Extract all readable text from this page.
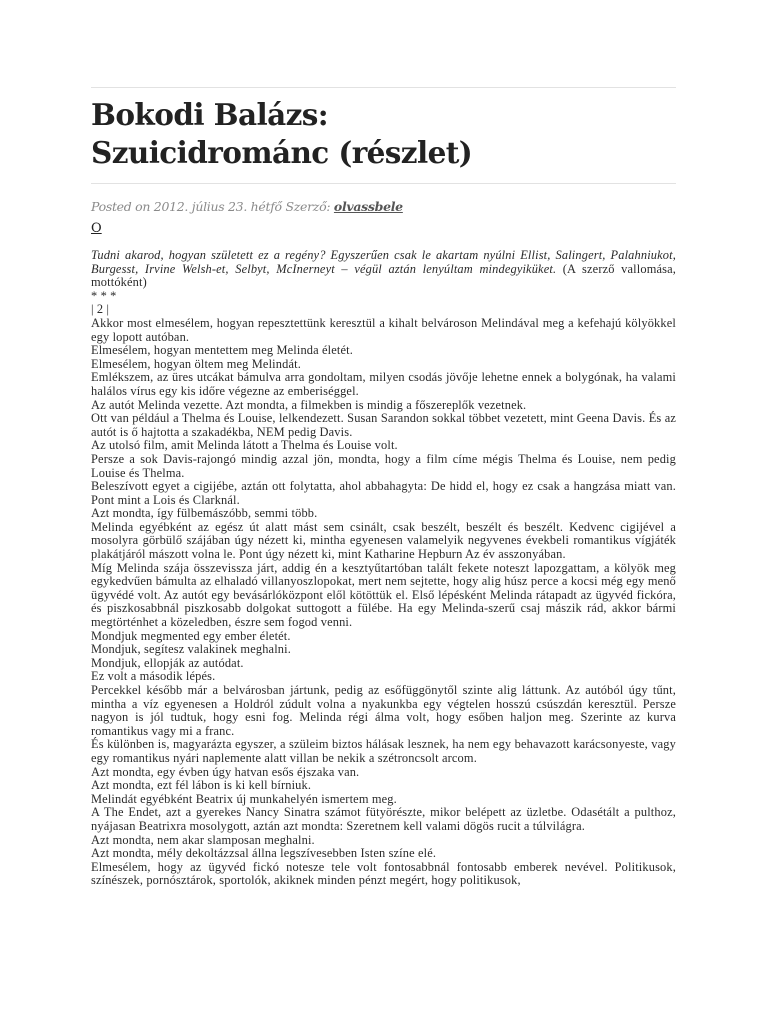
Bokodi Balázs:
Szuicidrománc (részlet)

Posted on 2012. július 23. hétfő Szerző: olvassbele

O

Tudni akarod, hogyan született ez a regény? Egyszerűen csak le akartam nyúlni Ellist, Salingert, Palahniukot, Burgesst, Irvine Welsh-et, Selbyt, McInerneyt – végül aztán lenyúltam mindegyiküket. (A szerző vallomása, mottóként)

* * *

| 2 |

Akkor most elmesélem, hogyan repesztettünk keresztül a kihalt belvároson Melindával meg a kefehajú kölyökkel egy lopott autóban.

Elmesélem, hogyan mentettem meg Melinda életét.

Elmesélem, hogyan öltem meg Melindát.

Emlékszem, az üres utcákat bámulva arra gondoltam, milyen csodás jövője lehetne ennek a bolygónak, ha valami halálos vírus egy kis időre végezne az emberiséggel.

Az autót Melinda vezette. Azt mondta, a filmekben is mindig a főszereplők vezetnek.

Ott van például a Thelma és Louise, lelkendezett. Susan Sarandon sokkal többet vezetett, mint Geena Davis. És az autót is ő hajtotta a szakadékba, NEM pedig Davis.

Az utolsó film, amit Melinda látott a Thelma és Louise volt.

Persze a sok Davis-rajongó mindig azzal jön, mondta, hogy a film címe mégis Thelma és Louise, nem pedig Louise és Thelma.

Beleszívott egyet a cigijébe, aztán ott folytatta, ahol abbahagyta: De hidd el, hogy ez csak a hangzása miatt van. Pont mint a Lois és Clarknál.

Azt mondta, így fülbemászóbb, semmi több.

Melinda egyébként az egész út alatt mást sem csinált, csak beszélt, beszélt és beszélt. Kedvenc cigijével a mosolyra görbülő szájában úgy nézett ki, mintha egyenesen valamelyik negyvenes évekbeli romantikus vígjáték plakátjáról mászott volna le. Pont úgy nézett ki, mint Katharine Hepburn Az év asszonyában.

Míg Melinda szája összevissza járt, addig én a kesztyűtartóban talált fekete noteszt lapozgattam, a kölyök meg egykedvűen bámulta az elhaladó villanyoszlopokat, mert nem sejtette, hogy alig húsz perce a kocsi még egy menő ügyvédé volt. Az autót egy bevásárlóközpont elől kötöttük el. Első lépésként Melinda rátapadt az ügyvéd fickóra, és piszkosabbnál piszkosabb dolgokat suttogott a fülébe. Ha egy Melinda-szerű csaj mászik rád, akkor bármi megtörténhet a közeledben, észre sem fogod venni.

Mondjuk megmented egy ember életét.

Mondjuk, segítesz valakinek meghalni.

Mondjuk, ellopják az autódat.

Ez volt a második lépés.

Percekkel később már a belvárosban jártunk, pedig az esőfüggönytől szinte alig láttunk. Az autóból úgy tűnt, mintha a víz egyenesen a Holdról zúdult volna a nyakunkba egy végtelen hosszú csúszdán keresztül. Persze nagyon is jól tudtuk, hogy esni fog. Melinda régi álma volt, hogy esőben haljon meg. Szerinte az kurva romantikus vagy mi a franc.

És különben is, magyarázta egyszer, a szüleim biztos hálásak lesznek, ha nem egy behavazott karácsonyeste, vagy egy romantikus nyári naplemente alatt villan be nekik a szétroncsolt arcom.

Azt mondta, egy évben úgy hatvan esős éjszaka van.

Azt mondta, ezt fél lábon is ki kell bírniuk.

Melindát egyébként Beatrix új munkahelyén ismertem meg.

A The Endet, azt a gyerekes Nancy Sinatra számot fütyörészte, mikor belépett az üzletbe. Odasétált a pulthoz, nyájasan Beatrixra mosolygott, aztán azt mondta: Szeretnem kell valami dögös rucit a túlvilágra.

Azt mondta, nem akar slamposan meghalni.

Azt mondta, mély dekoltázzsal állna legszívesebben Isten színe elé.

Elmesélem, hogy az ügyvéd fickó notesze tele volt fontosabbnál fontosabb emberek nevével. Politikusok, színészek, pornósztárok, sportolók, akiknek minden pénzt megért, hogy politikusok,
